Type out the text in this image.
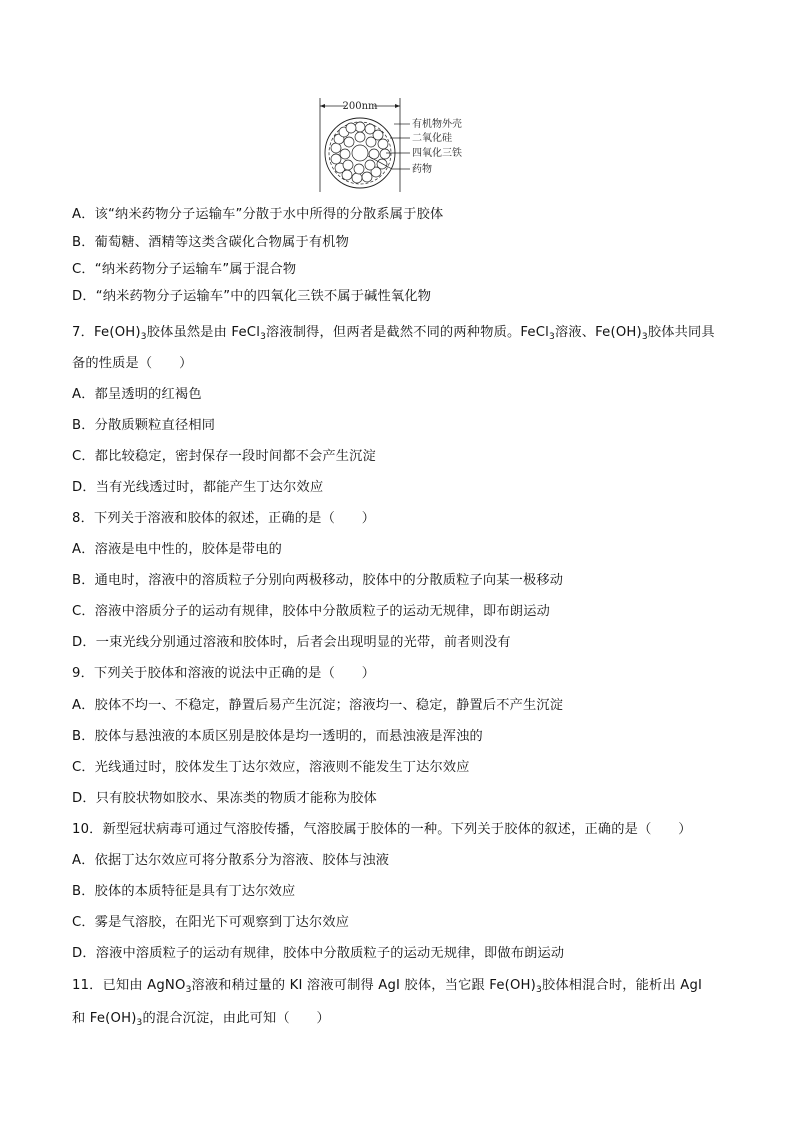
200nm
有机物外壳
二氧化硅
四氧化三铁
药物
A．该“纳米药物分子运输车”分散于水中所得的分散系属于胶体
B．葡萄糖、酒精等这类含碳化合物属于有机物
C．“纳米药物分子运输车”属于混合物
D．“纳米药物分子运输车”中的四氧化三铁不属于碱性氧化物
7．$Fe(OH)_3$胶体虽然是由 FeCl$_3$溶液制得，但两者是截然不同的两种物质。FeCl$_3$溶液、$Fe(OH)_3$胶体共同具
备的性质是（　　）
A．都呈透明的红褐色
B．分散质颗粒直径相同
C．都比较稳定，密封保存一段时间都不会产生沉淀
D．当有光线透过时，都能产生丁达尔效应
8．下列关于溶液和胶体的叙述，正确的是（　　）
A．溶液是电中性的，胶体是带电的
B．通电时，溶液中的溶质粒子分别向两极移动，胶体中的分散质粒子向某一极移动
C．溶液中溶质分子的运动有规律，胶体中分散质粒子的运动无规律，即布朗运动
D．一束光线分别通过溶液和胶体时，后者会出现明显的光带，前者则没有
9．下列关于胶体和溶液的说法中正确的是（　　）
A．胶体不均一、不稳定，静置后易产生沉淀；溶液均一、稳定，静置后不产生沉淀
B．胶体与悬浊液的本质区别是胶体是均一透明的，而悬浊液是浑浊的
C．光线通过时，胶体发生丁达尔效应，溶液则不能发生丁达尔效应
D．只有胶状物如胶水、果冻类的物质才能称为胶体
10．新型冠状病毒可通过气溶胶传播，气溶胶属于胶体的一种。下列关于胶体的叙述，正确的是（　　）
A．依据丁达尔效应可将分散系分为溶液、胶体与浊液
B．胶体的本质特征是具有丁达尔效应
C．雾是气溶胶，在阳光下可观察到丁达尔效应
D．溶液中溶质粒子的运动有规律，胶体中分散质粒子的运动无规律，即做布朗运动
11．已知由 AgNO$_3$溶液和稍过量的 KI 溶液可制得 AgI 胶体，当它跟 $Fe(OH)_3$胶体相混合时，能析出 AgI
和 $Fe(OH)_3$的混合沉淀，由此可知（　　）
